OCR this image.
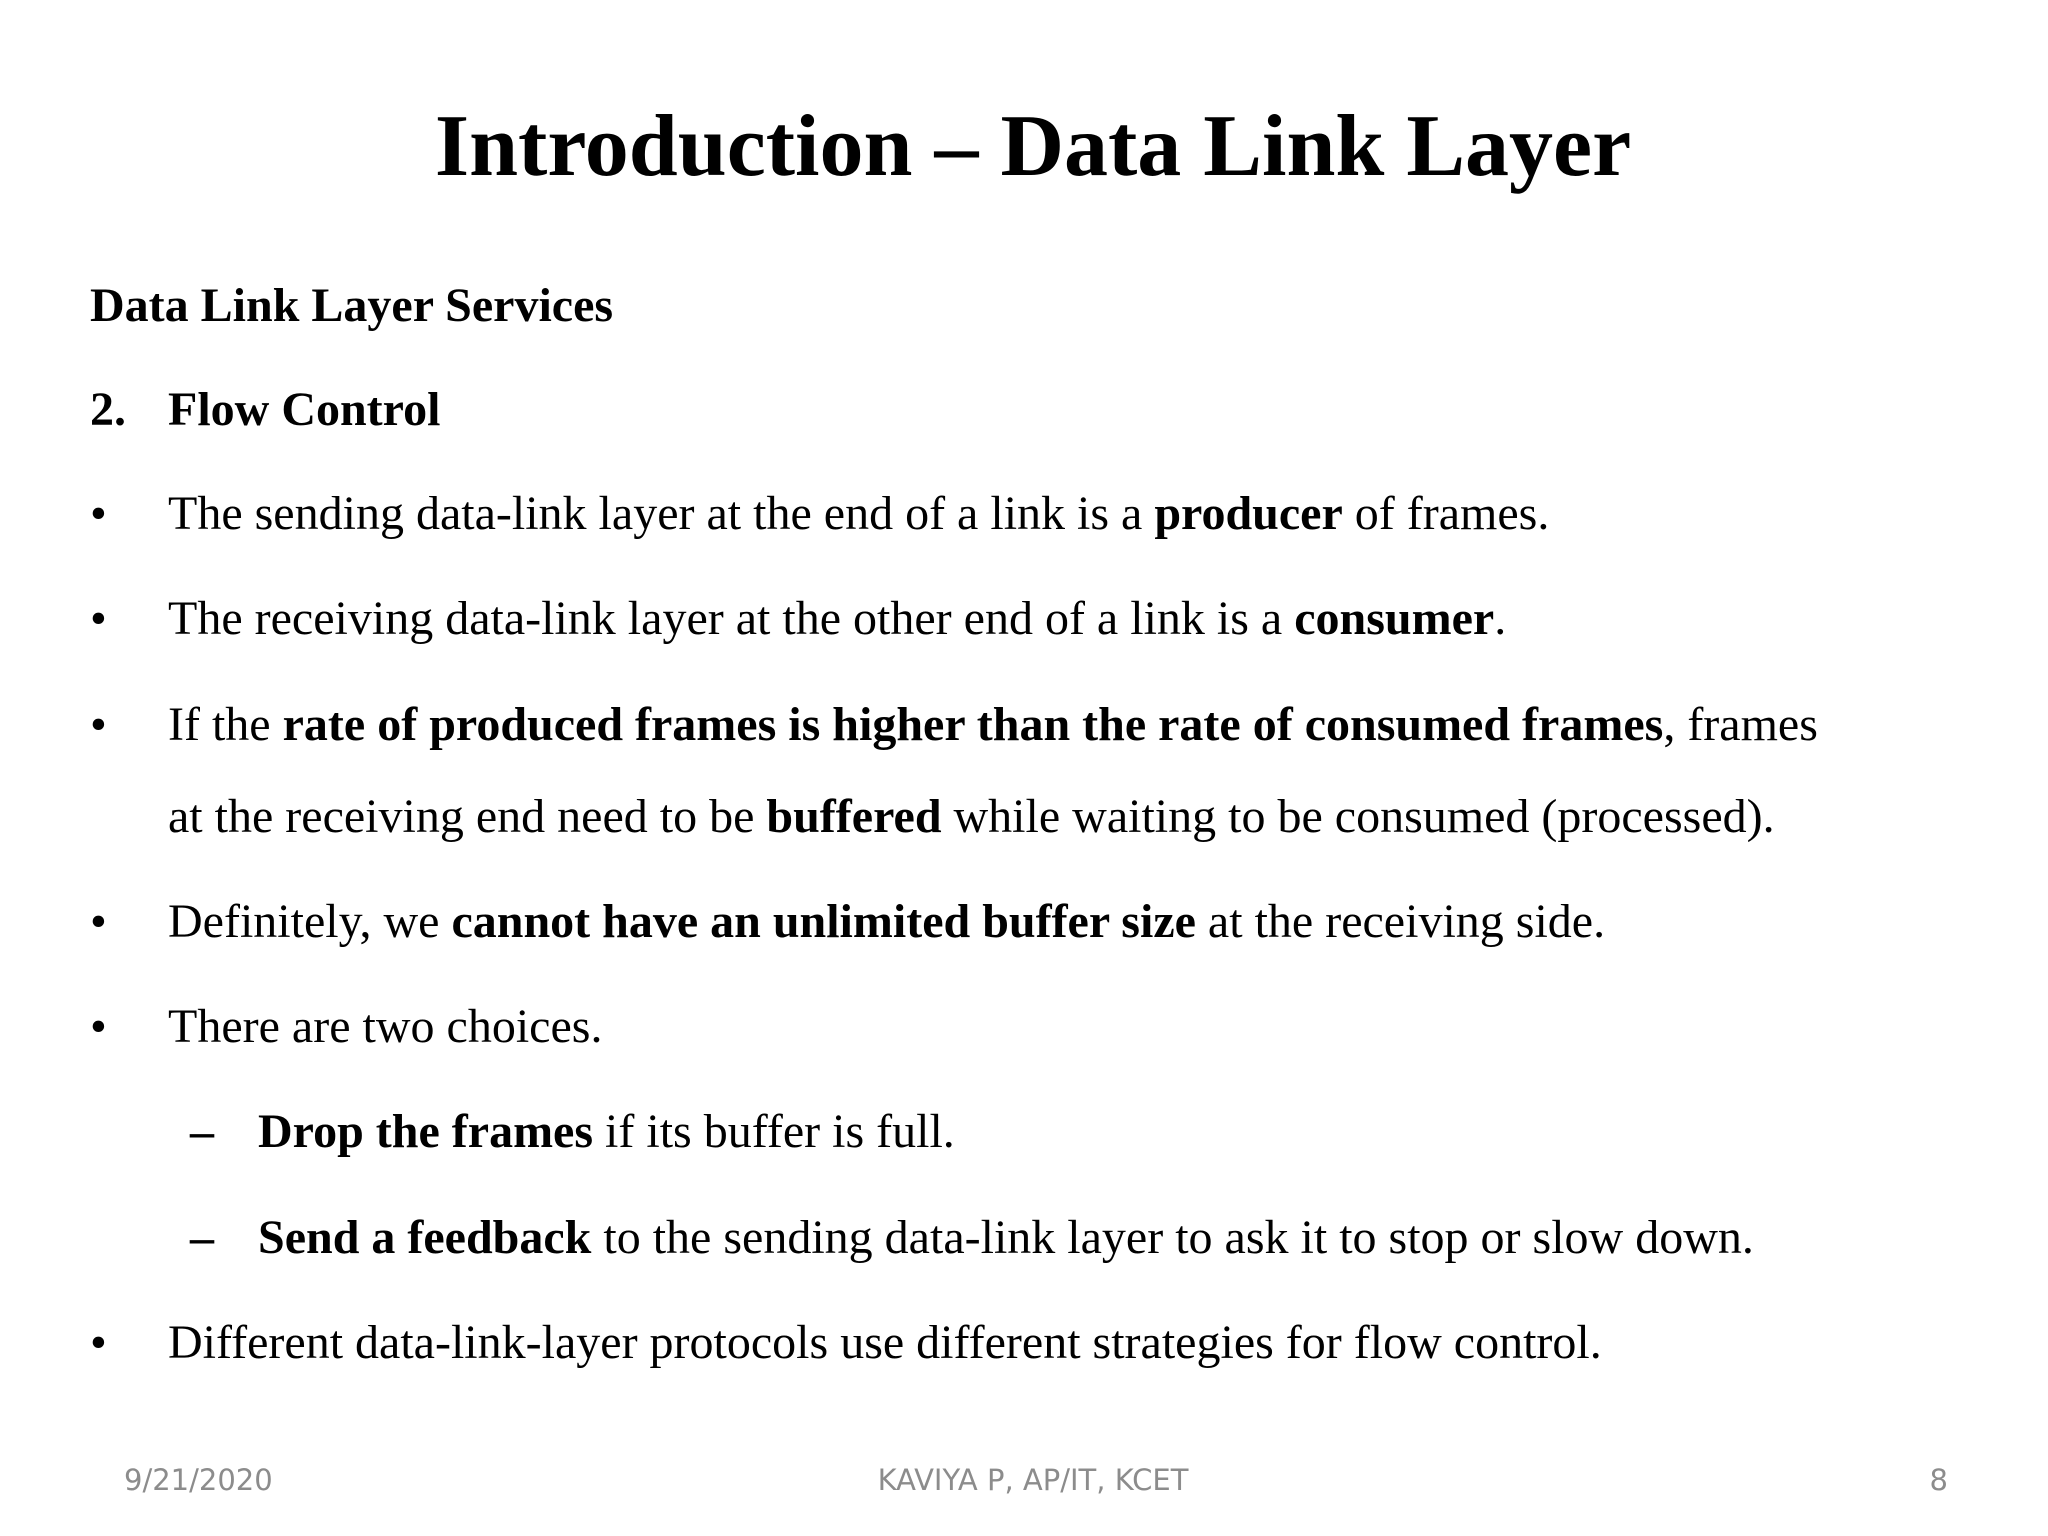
Introduction – Data Link Layer
Data Link Layer Services
2. Flow Control
• The sending data-link layer at the end of a link is a producer of frames.
• The receiving data-link layer at the other end of a link is a consumer.
• If the rate of produced frames is higher than the rate of consumed frames, frames
at the receiving end need to be buffered while waiting to be consumed (processed).
• Definitely, we cannot have an unlimited buffer size at the receiving side.
• There are two choices.
– Drop the frames if its buffer is full.
– Send a feedback to the sending data-link layer to ask it to stop or slow down.
• Different data-link-layer protocols use different strategies for flow control.
9/21/2020	KAVIYA P, AP/IT, KCET	8
